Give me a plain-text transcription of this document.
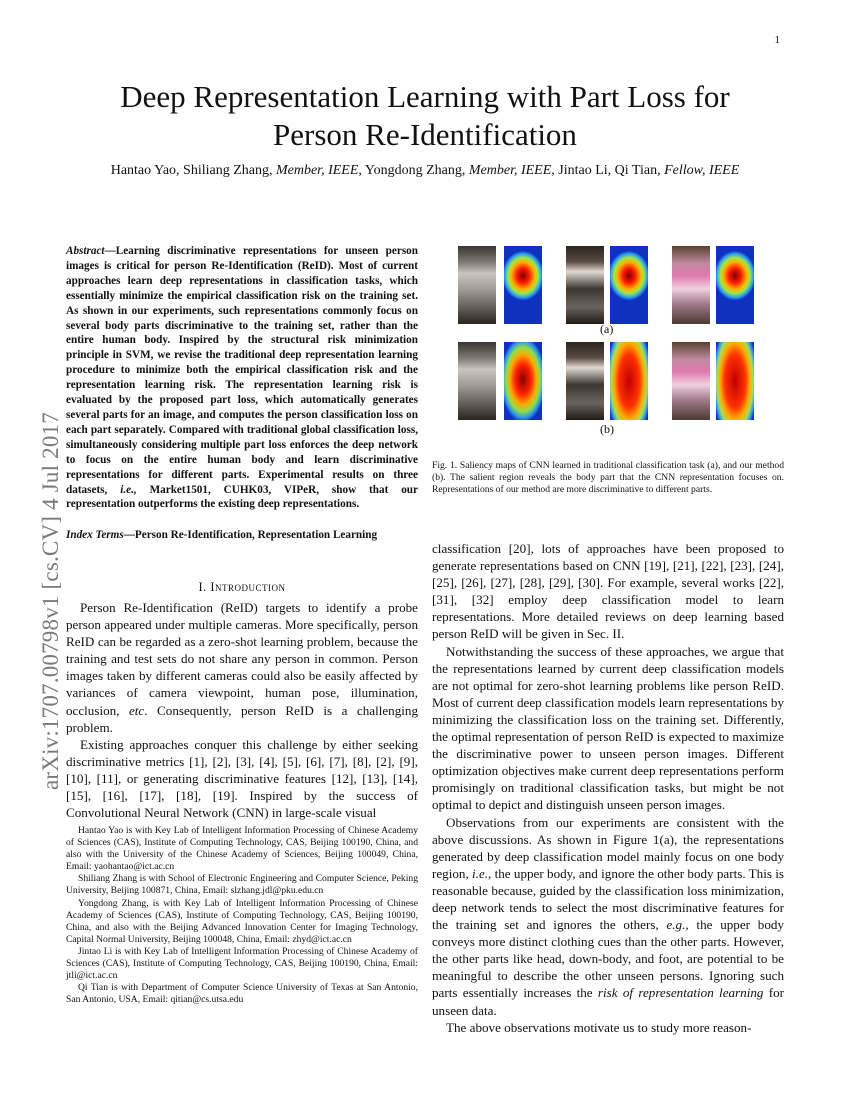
1
arXiv:1707.00798v1 [cs.CV] 4 Jul 2017
Deep Representation Learning with Part Loss for
Person Re-Identification
Hantao Yao, Shiliang Zhang, Member, IEEE, Yongdong Zhang, Member, IEEE, Jintao Li, Qi Tian, Fellow, IEEE
Abstract—Learning discriminative representations for unseen person images is critical for person Re-Identification (ReID). Most of current approaches learn deep representations in classification tasks, which essentially minimize the empirical classification risk on the training set. As shown in our experiments, such representations commonly focus on several body parts discriminative to the training set, rather than the entire human body. Inspired by the structural risk minimization principle in SVM, we revise the traditional deep representation learning procedure to minimize both the empirical classification risk and the representation learning risk. The representation learning risk is evaluated by the proposed part loss, which automatically generates several parts for an image, and computes the person classification loss on each part separately. Compared with traditional global classification loss, simultaneously considering multiple part loss enforces the deep network to focus on the entire human body and learn discriminative representations for different parts. Experimental results on three datasets, i.e., Market1501, CUHK03, VIPeR, show that our representation outperforms the existing deep representations.
Index Terms—Person Re-Identification, Representation Learning
I. Introduction

Person Re-Identification (ReID) targets to identify a probe person appeared under multiple cameras. More specifically, person ReID can be regarded as a zero-shot learning problem, because the training and test sets do not share any person in common. Person images taken by different cameras could also be easily affected by variances of camera viewpoint, human pose, illumination, occlusion, etc. Consequently, person ReID is a challenging problem.

Existing approaches conquer this challenge by either seeking discriminative metrics [1], [2], [3], [4], [5], [6], [7], [8], [2], [9], [10], [11], or generating discriminative features [12], [13], [14], [15], [16], [17], [18], [19]. Inspired by the success of Convolutional Neural Network (CNN) in large-scale visual

Hantao Yao is with Key Lab of Intelligent Information Processing of Chinese Academy of Sciences (CAS), Institute of Computing Technology, CAS, Beijing 100190, China, and also with the University of the Chinese Academy of Sciences, Beijing 100049, China, Email: yaohantao@ict.ac.cn

Shiliang Zhang is with School of Electronic Engineering and Computer Science, Peking University, Beijing 100871, China, Email: slzhang.jdl@pku.edu.cn

Yongdong Zhang, is with Key Lab of Intelligent Information Processing of Chinese Academy of Sciences (CAS), Institute of Computing Technology, CAS, Beijing 100190, China, and also with the Beijing Advanced Innovation Center for Imaging Technology, Capital Normal University, Beijing 100048, China, Email: zhyd@ict.ac.cn

Jintao Li is with Key Lab of Intelligent Information Processing of Chinese Academy of Sciences (CAS), Institute of Computing Technology, CAS, Beijing 100190, China, Email: jtli@ict.ac.cn

Qi Tian is with Department of Computer Science University of Texas at San Antonio, San Antonio, USA, Email: qitian@cs.utsa.edu

(a)
(b)
Fig. 1. Saliency maps of CNN learned in traditional classification task (a), and our method (b). The salient region reveals the body part that the CNN representation focuses on. Representations of our method are more discriminative to different parts.

classification [20], lots of approaches have been proposed to generate representations based on CNN [19], [21], [22], [23], [24], [25], [26], [27], [28], [29], [30]. For example, several works [22], [31], [32] employ deep classification model to learn representations. More detailed reviews on deep learning based person ReID will be given in Sec. II.

Notwithstanding the success of these approaches, we argue that the representations learned by current deep classification models are not optimal for zero-shot learning problems like person ReID. Most of current deep classification models learn representations by minimizing the classification loss on the training set. Differently, the optimal representation of person ReID is expected to maximize the discriminative power to unseen person images. Different optimization objectives make current deep representations perform promisingly on traditional classification tasks, but might be not optimal to depict and distinguish unseen person images.

Observations from our experiments are consistent with the above discussions. As shown in Figure 1(a), the representations generated by deep classification model mainly focus on one body region, i.e., the upper body, and ignore the other body parts. This is reasonable because, guided by the classification loss minimization, deep network tends to select the most discriminative features for the training set and ignores the others, e.g., the upper body conveys more distinct clothing cues than the other parts. However, the other parts like head, down-body, and foot, are potential to be meaningful to describe the other unseen persons. Ignoring such parts essentially increases the risk of representation learning for unseen data.

The above observations motivate us to study more reason-
